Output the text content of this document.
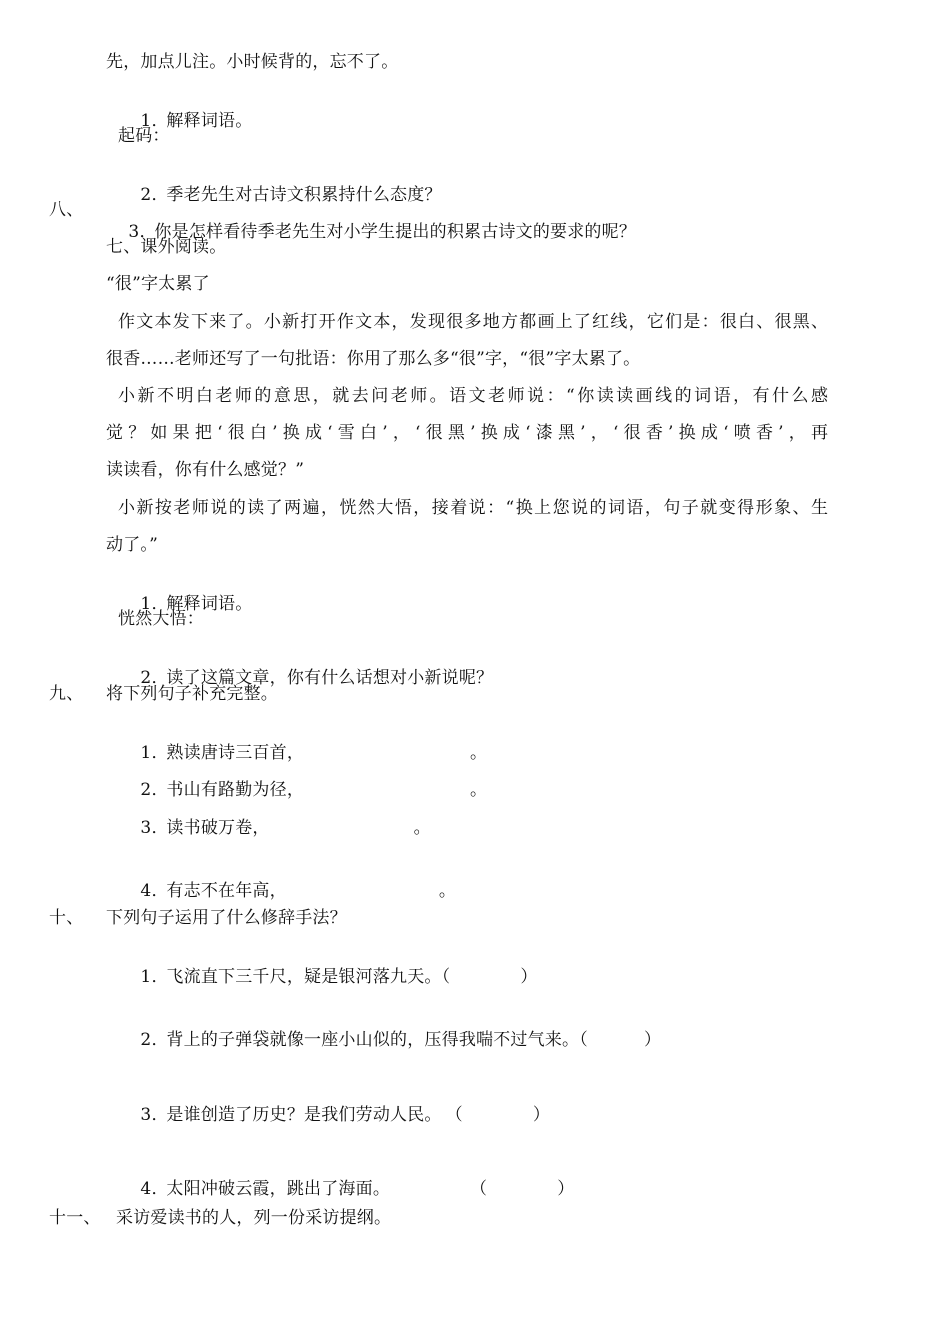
先，加点儿注。小时候背的，忘不了。

1．解释词语。

起码：

2．季老先生对古诗文积累持什么态度？

八、

3．你是怎样看待季老先生对小学生提出的积累古诗文的要求的呢？

七、课外阅读。
“很”字太累了
作文本发下来了。小新打开作文本，发现很多地方都画上了红线，它们是：很白、很黑、
很香……老师还写了一句批语：你用了那么多“很”字，“很”字太累了。
小新不明白老师的意思，就去问老师。语文老师说：“你读读画线的词语，有什么感
觉？如果把‘很白’换成‘雪白’，‘很黑’换成‘漆黑’，‘很香’换成‘喷香’，再
读读看，你有什么感觉？”
小新按老师说的读了两遍，恍然大悟，接着说：“换上您说的词语，句子就变得形象、生
动了。”

1．解释词语。

恍然大悟：

2．读了这篇文章，你有什么话想对小新说呢？

九、 将下列句子补充完整。

1．熟读唐诗三百首，	。

2．书山有路勤为径，	。

3．读书破万卷，	。

4．有志不在年高，	。

十、 下列句子运用了什么修辞手法？

1．飞流直下三千尺，疑是银河落九天。（	）

2．背上的子弹袋就像一座小山似的，压得我喘不过气来。（	）

3．是谁创造了历史？是我们劳动人民。 （	）

4．太阳冲破云霞，跳出了海面。	（	）

十一、 采访爱读书的人，列一份采访提纲。
